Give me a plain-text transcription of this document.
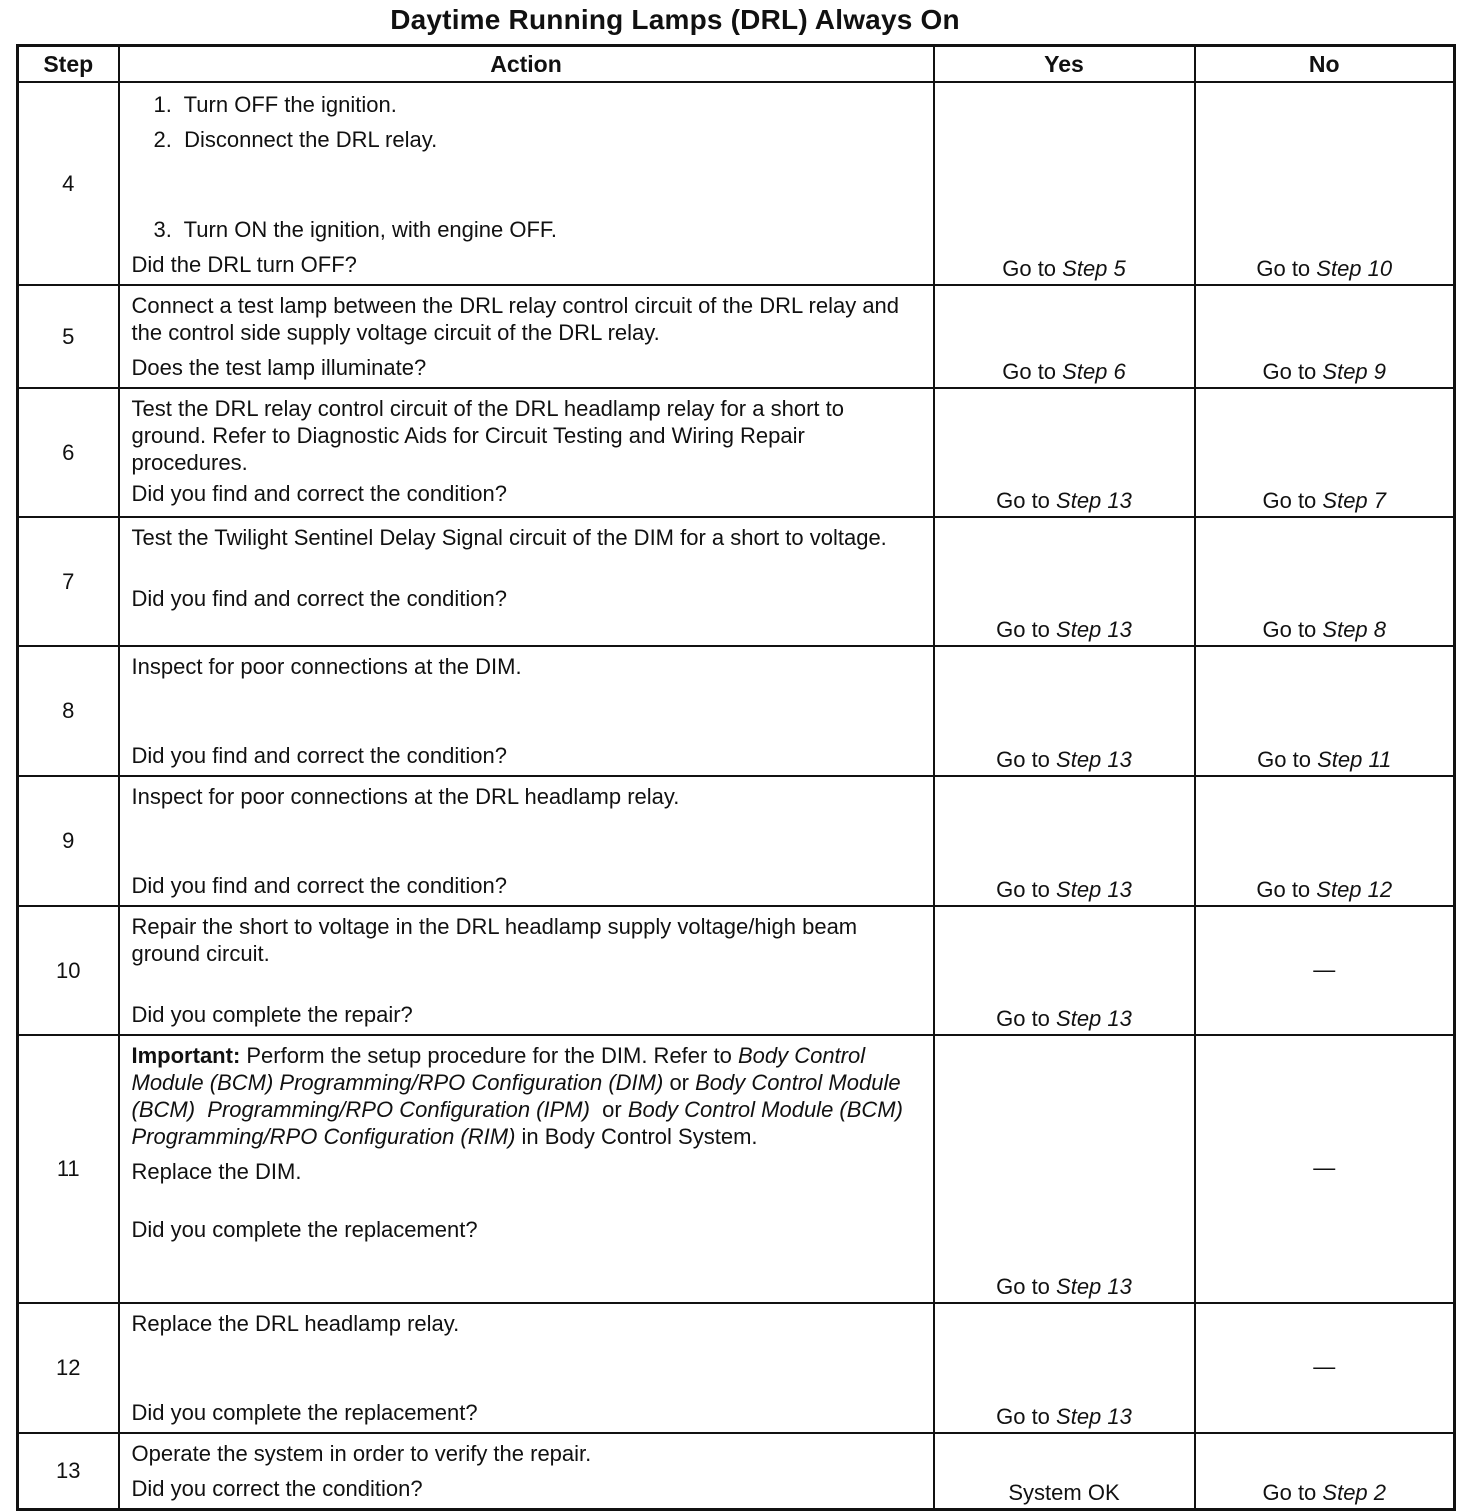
Daytime Running Lamps (DRL) Always On
Step	Action	Yes	No
4	1.  Turn OFF the ignition.

2.  Disconnect the DRL relay.

3.  Turn ON the ignition, with engine OFF.

Did the DRL turn OFF?	Go to Step 5	Go to Step 10
5	Connect a test lamp between the DRL relay control circuit of the DRL relay and the control side supply voltage circuit of the DRL relay.

Does the test lamp illuminate?	Go to Step 6	Go to Step 9
6	Test the DRL relay control circuit of the DRL headlamp relay for a short to ground. Refer to Diagnostic Aids for Circuit Testing and Wiring Repair  procedures.

Did you find and correct the condition?	Go to Step 13	Go to Step 7
7	Test the Twilight Sentinel Delay Signal circuit of the DIM for a short to voltage.

Did you find and correct the condition?	Go to Step 13	Go to Step 8
8	Inspect for poor connections at the DIM.

Did you find and correct the condition?	Go to Step 13	Go to Step 11
9	Inspect for poor connections at the DRL headlamp relay.

Did you find and correct the condition?	Go to Step 13	Go to Step 12
10	Repair the short to voltage in the DRL headlamp supply voltage/high beam ground circuit.

Did you complete the repair?	Go to Step 13	—
11	Important: Perform the setup procedure for the DIM. Refer to Body Control Module (BCM) Programming/RPO Configuration (DIM) or Body Control Module (BCM)  Programming/RPO Configuration (IPM)  or Body Control Module (BCM) Programming/RPO Configuration (RIM) in Body Control System.

Replace the DIM.

Did you complete the replacement?	Go to Step 13	—
12	Replace the DRL headlamp relay.

Did you complete the replacement?	Go to Step 13	—
13	Operate the system in order to verify the repair.

Did you correct the condition?	System OK	Go to Step 2
